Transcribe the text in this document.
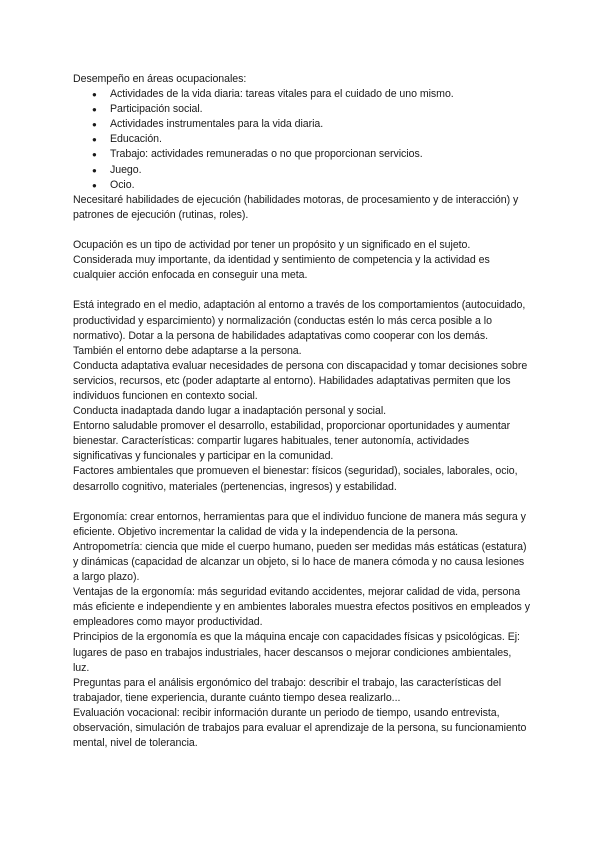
Desempeño en áreas ocupacionales:

● Actividades de la vida diaria: tareas vitales para el cuidado de uno mismo.
● Participación social.
● Actividades instrumentales para la vida diaria.
● Educación.
● Trabajo: actividades remuneradas o no que proporcionan servicios.
● Juego.
● Ocio.

Necesitaré habilidades de ejecución (habilidades motoras, de procesamiento y de interacción) y patrones de ejecución (rutinas, roles).

Ocupación es un tipo de actividad por tener un propósito y un significado en el sujeto. Considerada muy importante, da identidad y sentimiento de competencia y la actividad es cualquier acción enfocada en conseguir una meta.

Está integrado en el medio, adaptación al entorno a través de los comportamientos (autocuidado, productividad y esparcimiento) y normalización (conductas estén lo más cerca posible a lo normativo). Dotar a la persona de habilidades adaptativas como cooperar con los demás. También el entorno debe adaptarse a la persona.

Conducta adaptativa evaluar necesidades de persona con discapacidad y tomar decisiones sobre servicios, recursos, etc (poder adaptarte al entorno). Habilidades adaptativas permiten que los individuos funcionen en contexto social.

Conducta inadaptada dando lugar a inadaptación personal y social.

Entorno saludable promover el desarrollo, estabilidad, proporcionar oportunidades y aumentar bienestar. Características: compartir lugares habituales, tener autonomía, actividades significativas y funcionales y participar en la comunidad.

Factores ambientales que promueven el bienestar: físicos (seguridad), sociales, laborales, ocio, desarrollo cognitivo, materiales (pertenencias, ingresos) y estabilidad.

Ergonomía: crear entornos, herramientas para que el individuo funcione de manera más segura y eficiente. Objetivo incrementar la calidad de vida y la independencia de la persona.

Antropometría: ciencia que mide el cuerpo humano, pueden ser medidas más estáticas (estatura) y dinámicas (capacidad de alcanzar un objeto, si lo hace de manera cómoda y no causa lesiones a largo plazo).

Ventajas de la ergonomía: más seguridad evitando accidentes, mejorar calidad de vida, persona más eficiente e independiente y en ambientes laborales muestra efectos positivos en empleados y empleadores como mayor productividad.

Principios de la ergonomía es que la máquina encaje con capacidades físicas y psicológicas. Ej: lugares de paso en trabajos industriales, hacer descansos o mejorar condiciones ambientales, luz.

Preguntas para el análisis ergonómico del trabajo: describir el trabajo, las características del trabajador, tiene experiencia, durante cuánto tiempo desea realizarlo...

Evaluación vocacional: recibir información durante un periodo de tiempo, usando entrevista, observación, simulación de trabajos para evaluar el aprendizaje de la persona, su funcionamiento mental, nivel de tolerancia.
